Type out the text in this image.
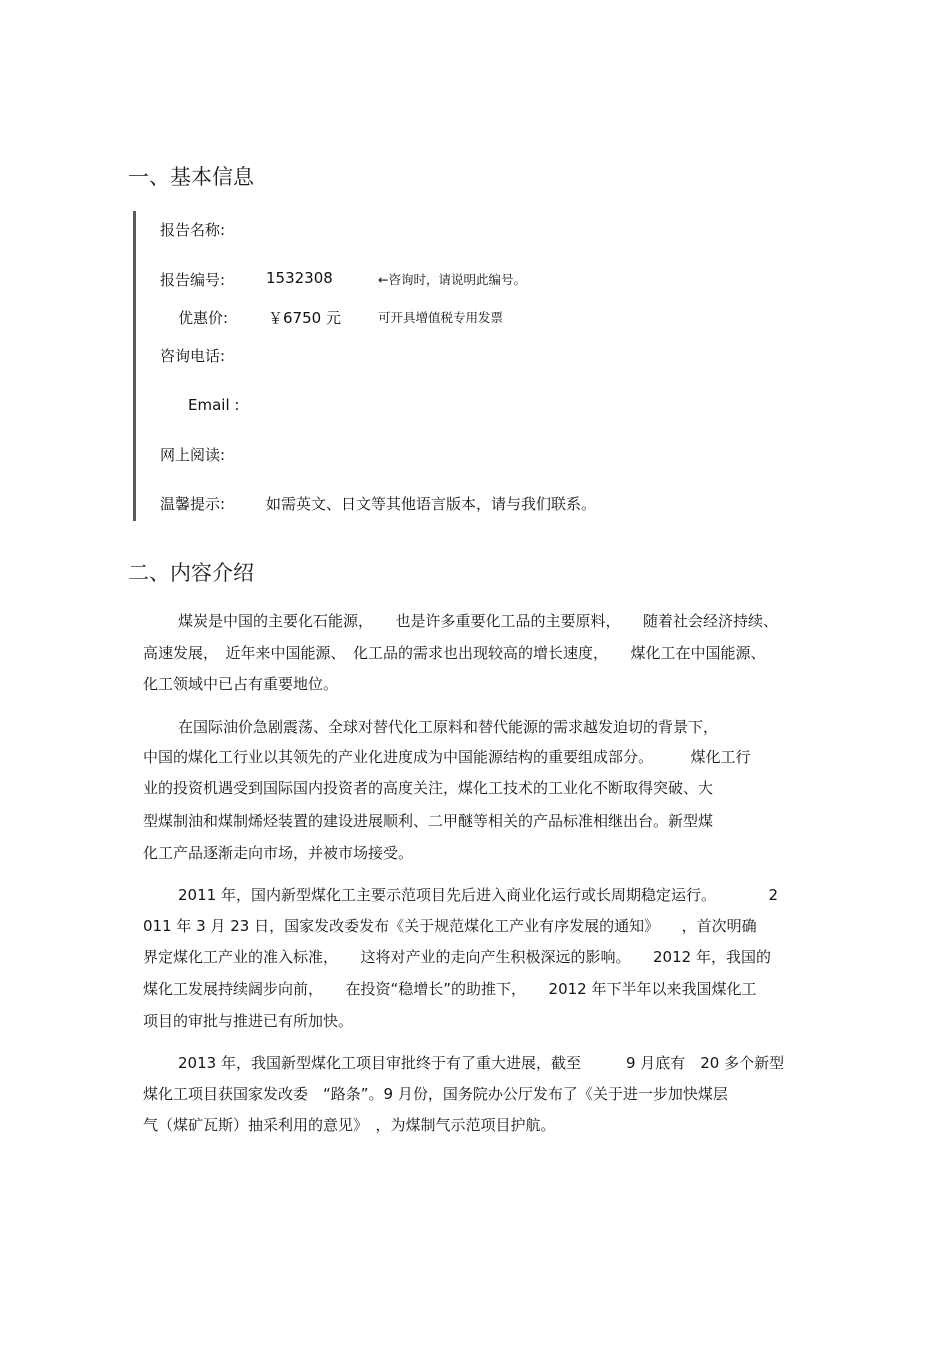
一、基本信息
报告名称:
报告编号:	1532308	←咨询时，请说明此编号。
优惠价:	￥6750 元	可开具增值税专用发票
咨询电话:
Email :
网上阅读:
温馨提示:	如需英文、日文等其他语言版本，请与我们联系。
二、内容介绍
煤炭是中国的主要化石能源，　　也是许多重要化工品的主要原料，　　随着社会经济持续、
高速发展，　近年来中国能源、　化工品的需求也出现较高的增长速度，　　煤化工在中国能源、
化工领域中已占有重要地位。
在国际油价急剧震荡、全球对替代化工原料和替代能源的需求越发迫切的背景下，
中国的煤化工行业以其领先的产业化进度成为中国能源结构的重要组成部分。　　　煤化工行
业的投资机遇受到国际国内投资者的高度关注，煤化工技术的工业化不断取得突破、大
型煤制油和煤制烯烃装置的建设进展顺利、二甲醚等相关的产品标准相继出台。新型煤
化工产品逐渐走向市场，并被市场接受。
2011 年，国内新型煤化工主要示范项目先后进入商业化运行或长周期稳定运行。　　　　2
011 年 3 月 23 日，国家发改委发布《关于规范煤化工产业有序发展的通知》　　，首次明确
界定煤化工产业的准入标准，　　这将对产业的走向产生积极深远的影响。　　2012 年，我国的
煤化工发展持续阔步向前，　　在投资“稳增长”的助推下，　　2012 年下半年以来我国煤化工
项目的审批与推进已有所加快。
2013 年，我国新型煤化工项目审批终于有了重大进展，截至　　　9 月底有　20 多个新型
煤化工项目获国家发改委　“路条”。9 月份，国务院办公厅发布了《关于进一步加快煤层
气（煤矿瓦斯）抽采利用的意见》　，为煤制气示范项目护航。
